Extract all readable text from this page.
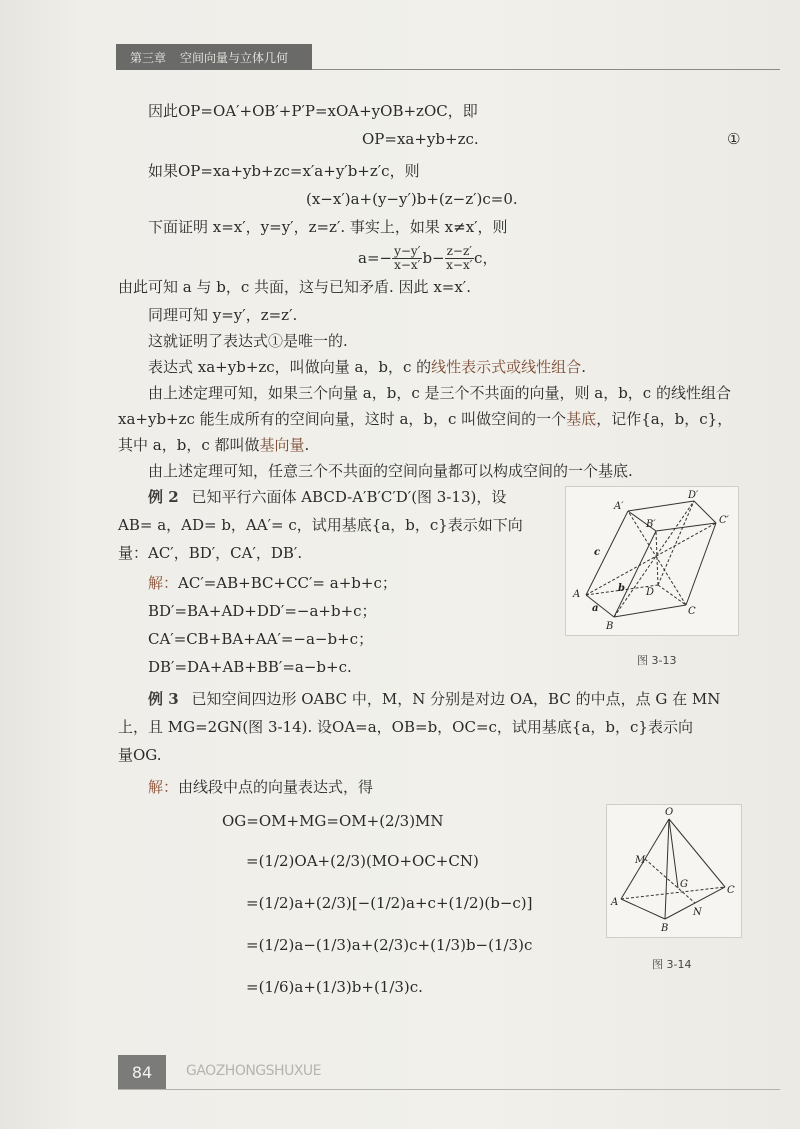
第三章 空间向量与立体几何
因此OP=OA′+OB′+P′P=xOA+yOB+zOC，即
OP=xa+yb+zc.	①
如果OP=xa+yb+zc=x′a+y′b+z′c，则
(x−x′)a+(y−y′)b+(z−z′)c=0.
下面证明 x=x′，y=y′，z=z′. 事实上，如果 x≠x′，则
$a=- \frac{y-y'}{x-x'} b- \frac{z-z'}{x-x'}$ c，
由此可知 a 与 b，c 共面，这与已知矛盾. 因此 x=x′.
同理可知 y=y′，z=z′.
这就证明了表达式①是唯一的.
表达式 xa+yb+zc，叫做向量 a，b，c 的线性表示式或线性组合.
由上述定理可知，如果三个向量 a，b，c 是三个不共面的向量，则 a，b，c 的线性组合
xa+yb+zc 能生成所有的空间向量，这时 a，b，c 叫做空间的一个基底，记作{a，b，c}，
其中 a，b，c 都叫做基向量.
由上述定理可知，任意三个不共面的空间向量都可以构成空间的一个基底.
例 2 已知平行六面体 ABCD-A′B′C′D′(图 3-13)，设
AB= a，AD= b，AA′= c，试用基底{a，b，c}表示如下向
量：AC′，BD′，CA′，DB′.
解：AC′=AB+BC+CC′= a+b+c；
BD′=BA+AD+DD′=−a+b+c；
CA′=CB+BA+AA′=−a−b+c；
DB′=DA+AB+BB′=a−b+c.
A′
B′	C′
D′
A
B
C
D
a
b
c
图 3-13
例 3 已知空间四边形 OABC 中，M，N 分别是对边 OA，BC 的中点，点 G 在 MN
上，且 MG=2GN(图 3-14). 设OA=a，OB=b，OC=c，试用基底{a，b，c}表示向
量OG.
解：由线段中点的向量表达式，得
OG=OM+MG=OM+(2/3)MN
=(1/2)OA+(2/3)(MO+OC+CN)
=(1/2)a+(2/3)[−(1/2)a+c+(1/2)(b−c)]
=(1/2)a−(1/3)a+(2/3)c+(1/3)b−(1/3)c
=(1/6)a+(1/3)b+(1/3)c.
O
M
G
A
B
C
N
图 3-14
84	GAOZHONGSHUXUE
